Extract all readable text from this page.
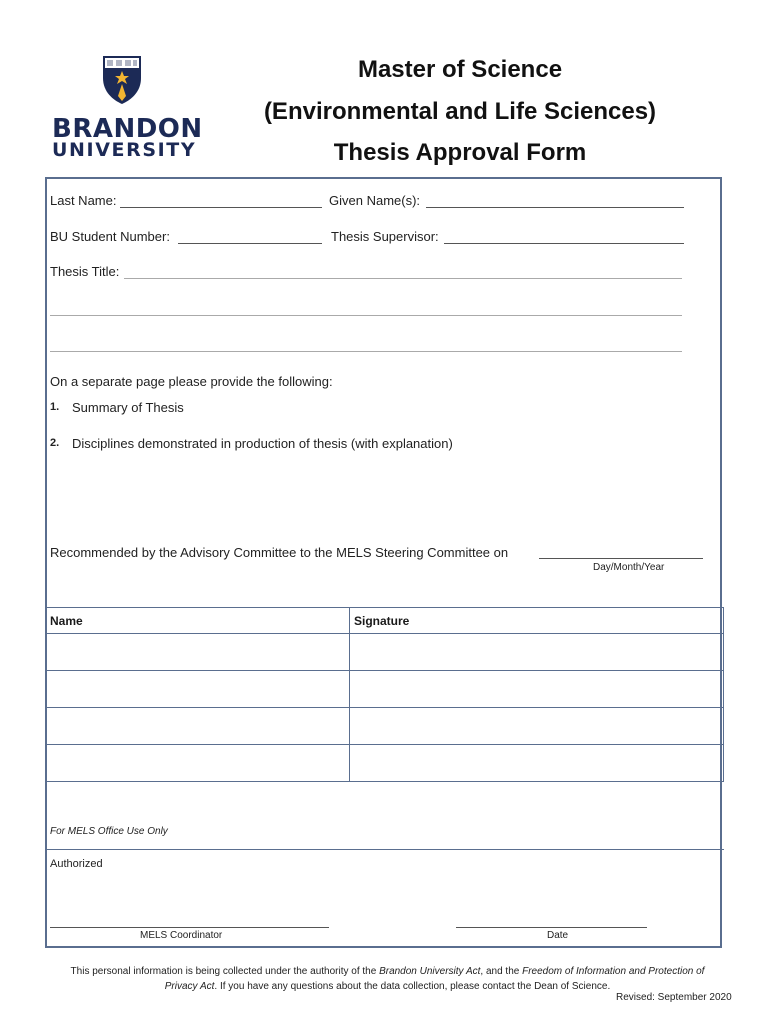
BRANDON
UNIVERSITY
Master of Science
(Environmental and Life Sciences)
Thesis Approval Form
Last Name:	Given Name(s):
BU Student Number:	Thesis Supervisor:
Thesis Title:
On a separate page please provide the following:
1. Summary of Thesis
2. Disciplines demonstrated in production of thesis (with explanation)
Recommended by the Advisory Committee to the MELS Steering Committee on
Day/Month/Year
Name	Signature

For MELS Office Use Only
Authorized
MELS Coordinator	Date
This personal information is being collected under the authority of the Brandon University Act, and the Freedom of Information and Protection of Privacy Act. If you have any questions about the data collection, please contact the Dean of Science.
Revised: September 2020
